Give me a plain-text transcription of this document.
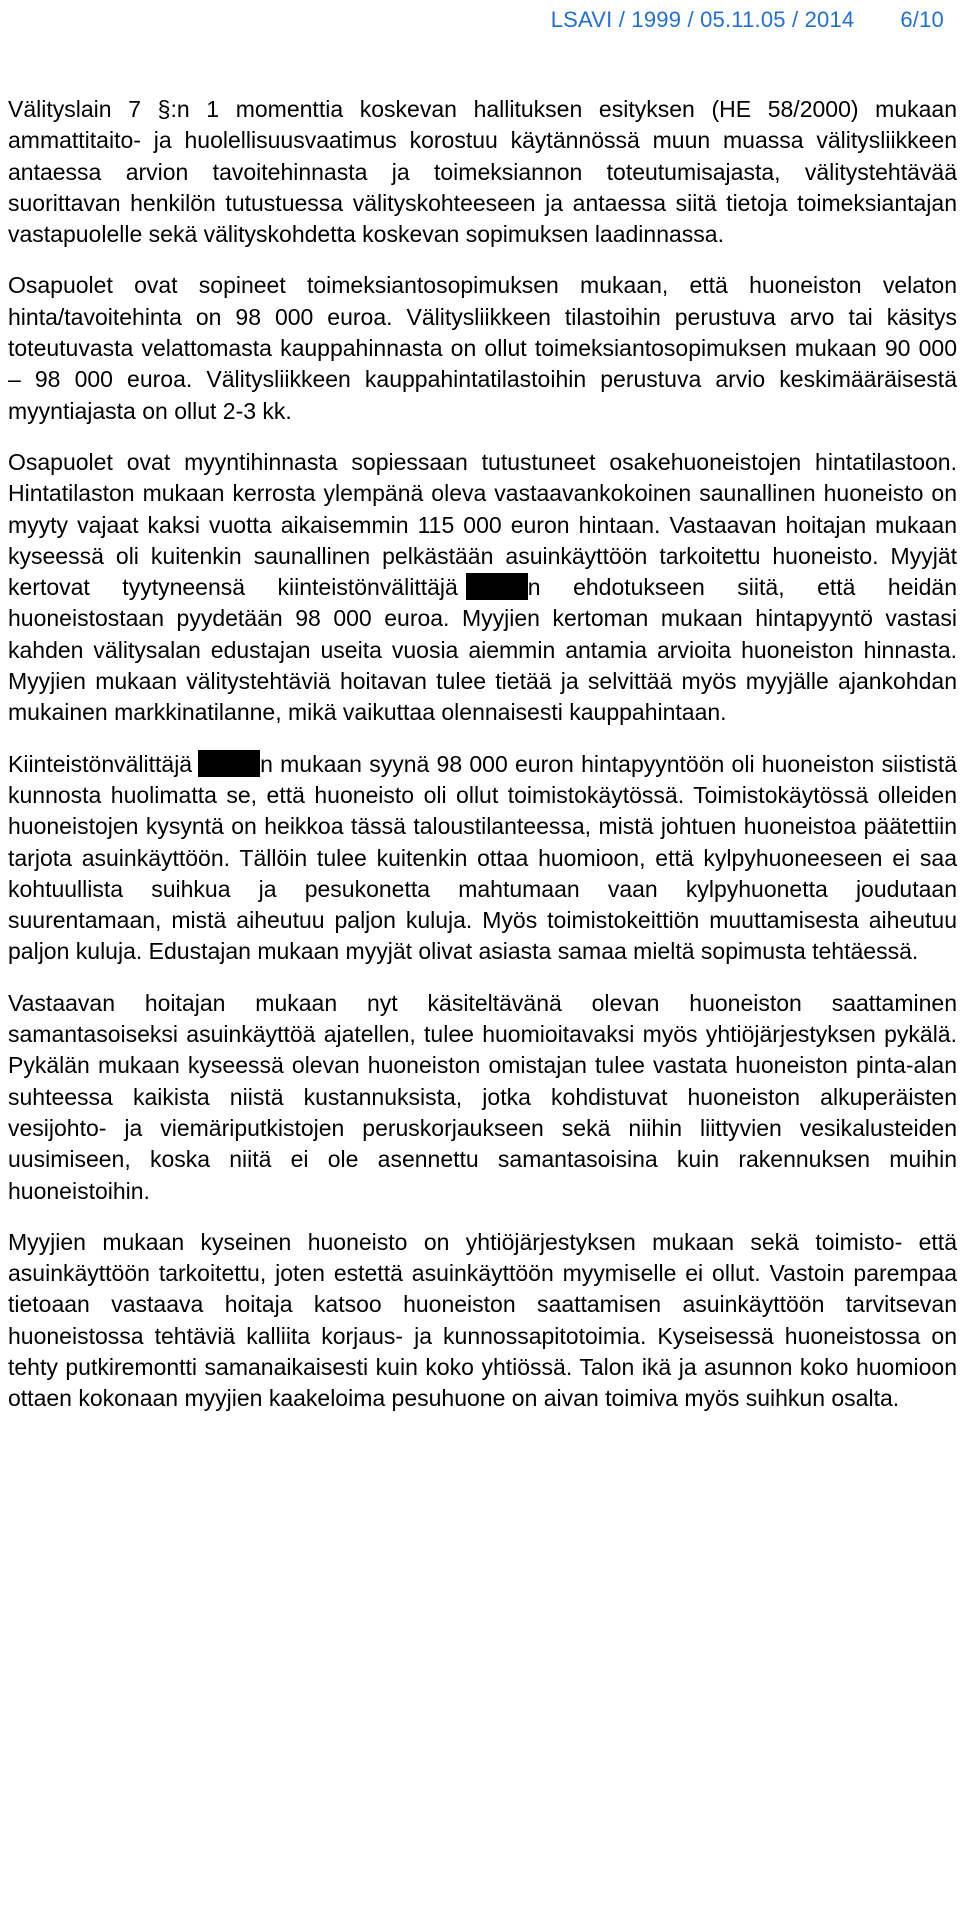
LSAVI / 1999 / 05.11.05 / 2014 6/10

Välityslain 7 §:n 1 momenttia koskevan hallituksen esityksen (HE 58/2000) mukaan ammattitaito- ja huolellisuusvaatimus korostuu käytännössä muun muassa välitysliikkeen antaessa arvion tavoitehinnasta ja toimeksiannon toteutumisajasta, välitystehtävää suorittavan henkilön tutustuessa välityskohteeseen ja antaessa siitä tietoja toimeksiantajan vastapuolelle sekä välityskohdetta koskevan sopimuksen laadinnassa.

Osapuolet ovat sopineet toimeksiantosopimuksen mukaan, että huoneiston velaton hinta/tavoitehinta on 98 000 euroa. Välitysliikkeen tilastoihin perustuva arvo tai käsitys toteutuvasta velattomasta kauppahinnasta on ollut toimeksiantosopimuksen mukaan 90 000 – 98 000 euroa. Välitysliikkeen kauppahintatilastoihin perustuva arvio keskimääräisestä myyntiajasta on ollut 2-3 kk.

Osapuolet ovat myyntihinnasta sopiessaan tutustuneet osakehuoneistojen hintatilastoon. Hintatilaston mukaan kerrosta ylempänä oleva vastaavankokoinen saunallinen huoneisto on myyty vajaat kaksi vuotta aikaisemmin 115 000 euron hintaan. Vastaavan hoitajan mukaan kyseessä oli kuitenkin saunallinen pelkästään asuinkäyttöön tarkoitettu huoneisto. Myyjät kertovat tyytyneensä kiinteistönvälittäjä	n ehdotukseen siitä, että heidän huoneistostaan pyydetään 98 000 euroa. Myyjien kertoman mukaan hintapyyntö vastasi kahden välitysalan edustajan useita vuosia aiemmin antamia arvioita huoneiston hinnasta. Myyjien mukaan välitystehtäviä hoitavan tulee tietää ja selvittää myös myyjälle ajankohdan mukainen markkinatilanne, mikä vaikuttaa olennaisesti kauppahintaan.

Kiinteistönvälittäjä	n mukaan syynä 98 000 euron hintapyyntöön oli huoneiston siististä kunnosta huolimatta se, että huoneisto oli ollut toimistokäytössä. Toimistokäytössä olleiden huoneistojen kysyntä on heikkoa tässä taloustilanteessa, mistä johtuen huoneistoa päätettiin tarjota asuinkäyttöön. Tällöin tulee kuitenkin ottaa huomioon, että kylpyhuoneeseen ei saa kohtuullista suihkua ja pesukonetta mahtumaan vaan kylpyhuonetta joudutaan suurentamaan, mistä aiheutuu paljon kuluja. Myös toimistokeittiön muuttamisesta aiheutuu paljon kuluja. Edustajan mukaan myyjät olivat asiasta samaa mieltä sopimusta tehtäessä.

Vastaavan hoitajan mukaan nyt käsiteltävänä olevan huoneiston saattaminen samantasoiseksi asuinkäyttöä ajatellen, tulee huomioitavaksi myös yhtiöjärjestyksen pykälä. Pykälän mukaan kyseessä olevan huoneiston omistajan tulee vastata huoneiston pinta-alan suhteessa kaikista niistä kustannuksista, jotka kohdistuvat huoneiston alkuperäisten vesijohto- ja viemäriputkistojen peruskorjaukseen sekä niihin liittyvien vesikalusteiden uusimiseen, koska niitä ei ole asennettu samantasoisina kuin rakennuksen muihin huoneistoihin.

Myyjien mukaan kyseinen huoneisto on yhtiöjärjestyksen mukaan sekä toimisto- että asuinkäyttöön tarkoitettu, joten estettä asuinkäyttöön myymiselle ei ollut. Vastoin parempaa tietoaan vastaava hoitaja katsoo huoneiston saattamisen asuinkäyttöön tarvitsevan huoneistossa tehtäviä kalliita korjaus- ja kunnossapitotoimia. Kyseisessä huoneistossa on tehty putkiremontti samanaikaisesti kuin koko yhtiössä. Talon ikä ja asunnon koko huomioon ottaen kokonaan myyjien kaakeloima pesuhuone on aivan toimiva myös suihkun osalta.
